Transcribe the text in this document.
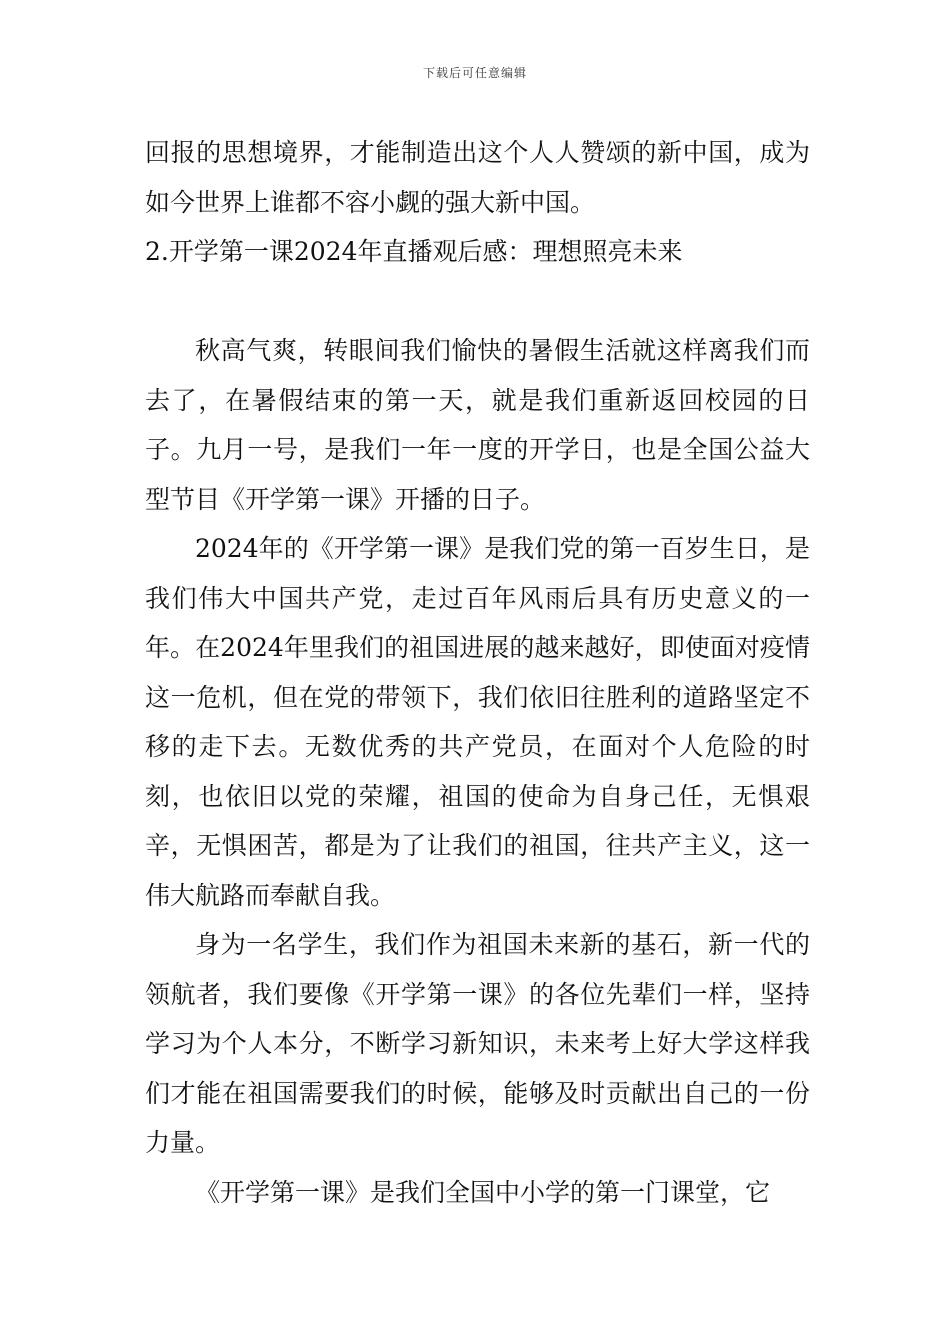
下载后可任意编辑

回报的思想境界，才能制造出这个人人赞颂的新中国，成为如今世界上谁都不容小觑的强大新中国。

2.开学第一课2024年直播观后感：理想照亮未来

秋高气爽，转眼间我们愉快的暑假生活就这样离我们而去了，在暑假结束的第一天，就是我们重新返回校园的日子。九月一号，是我们一年一度的开学日，也是全国公益大型节目《开学第一课》开播的日子。

2024年的《开学第一课》是我们党的第一百岁生日，是我们伟大中国共产党，走过百年风雨后具有历史意义的一年。在2024年里我们的祖国进展的越来越好，即使面对疫情这一危机，但在党的带领下，我们依旧往胜利的道路坚定不移的走下去。无数优秀的共产党员，在面对个人危险的时刻，也依旧以党的荣耀，祖国的使命为自身己任，无惧艰辛，无惧困苦，都是为了让我们的祖国，往共产主义，这一伟大航路而奉献自我。

身为一名学生，我们作为祖国未来新的基石，新一代的领航者，我们要像《开学第一课》的各位先辈们一样，坚持学习为个人本分，不断学习新知识，未来考上好大学这样我们才能在祖国需要我们的时候，能够及时贡献出自己的一份力量。

《开学第一课》是我们全国中小学的第一门课堂，它
